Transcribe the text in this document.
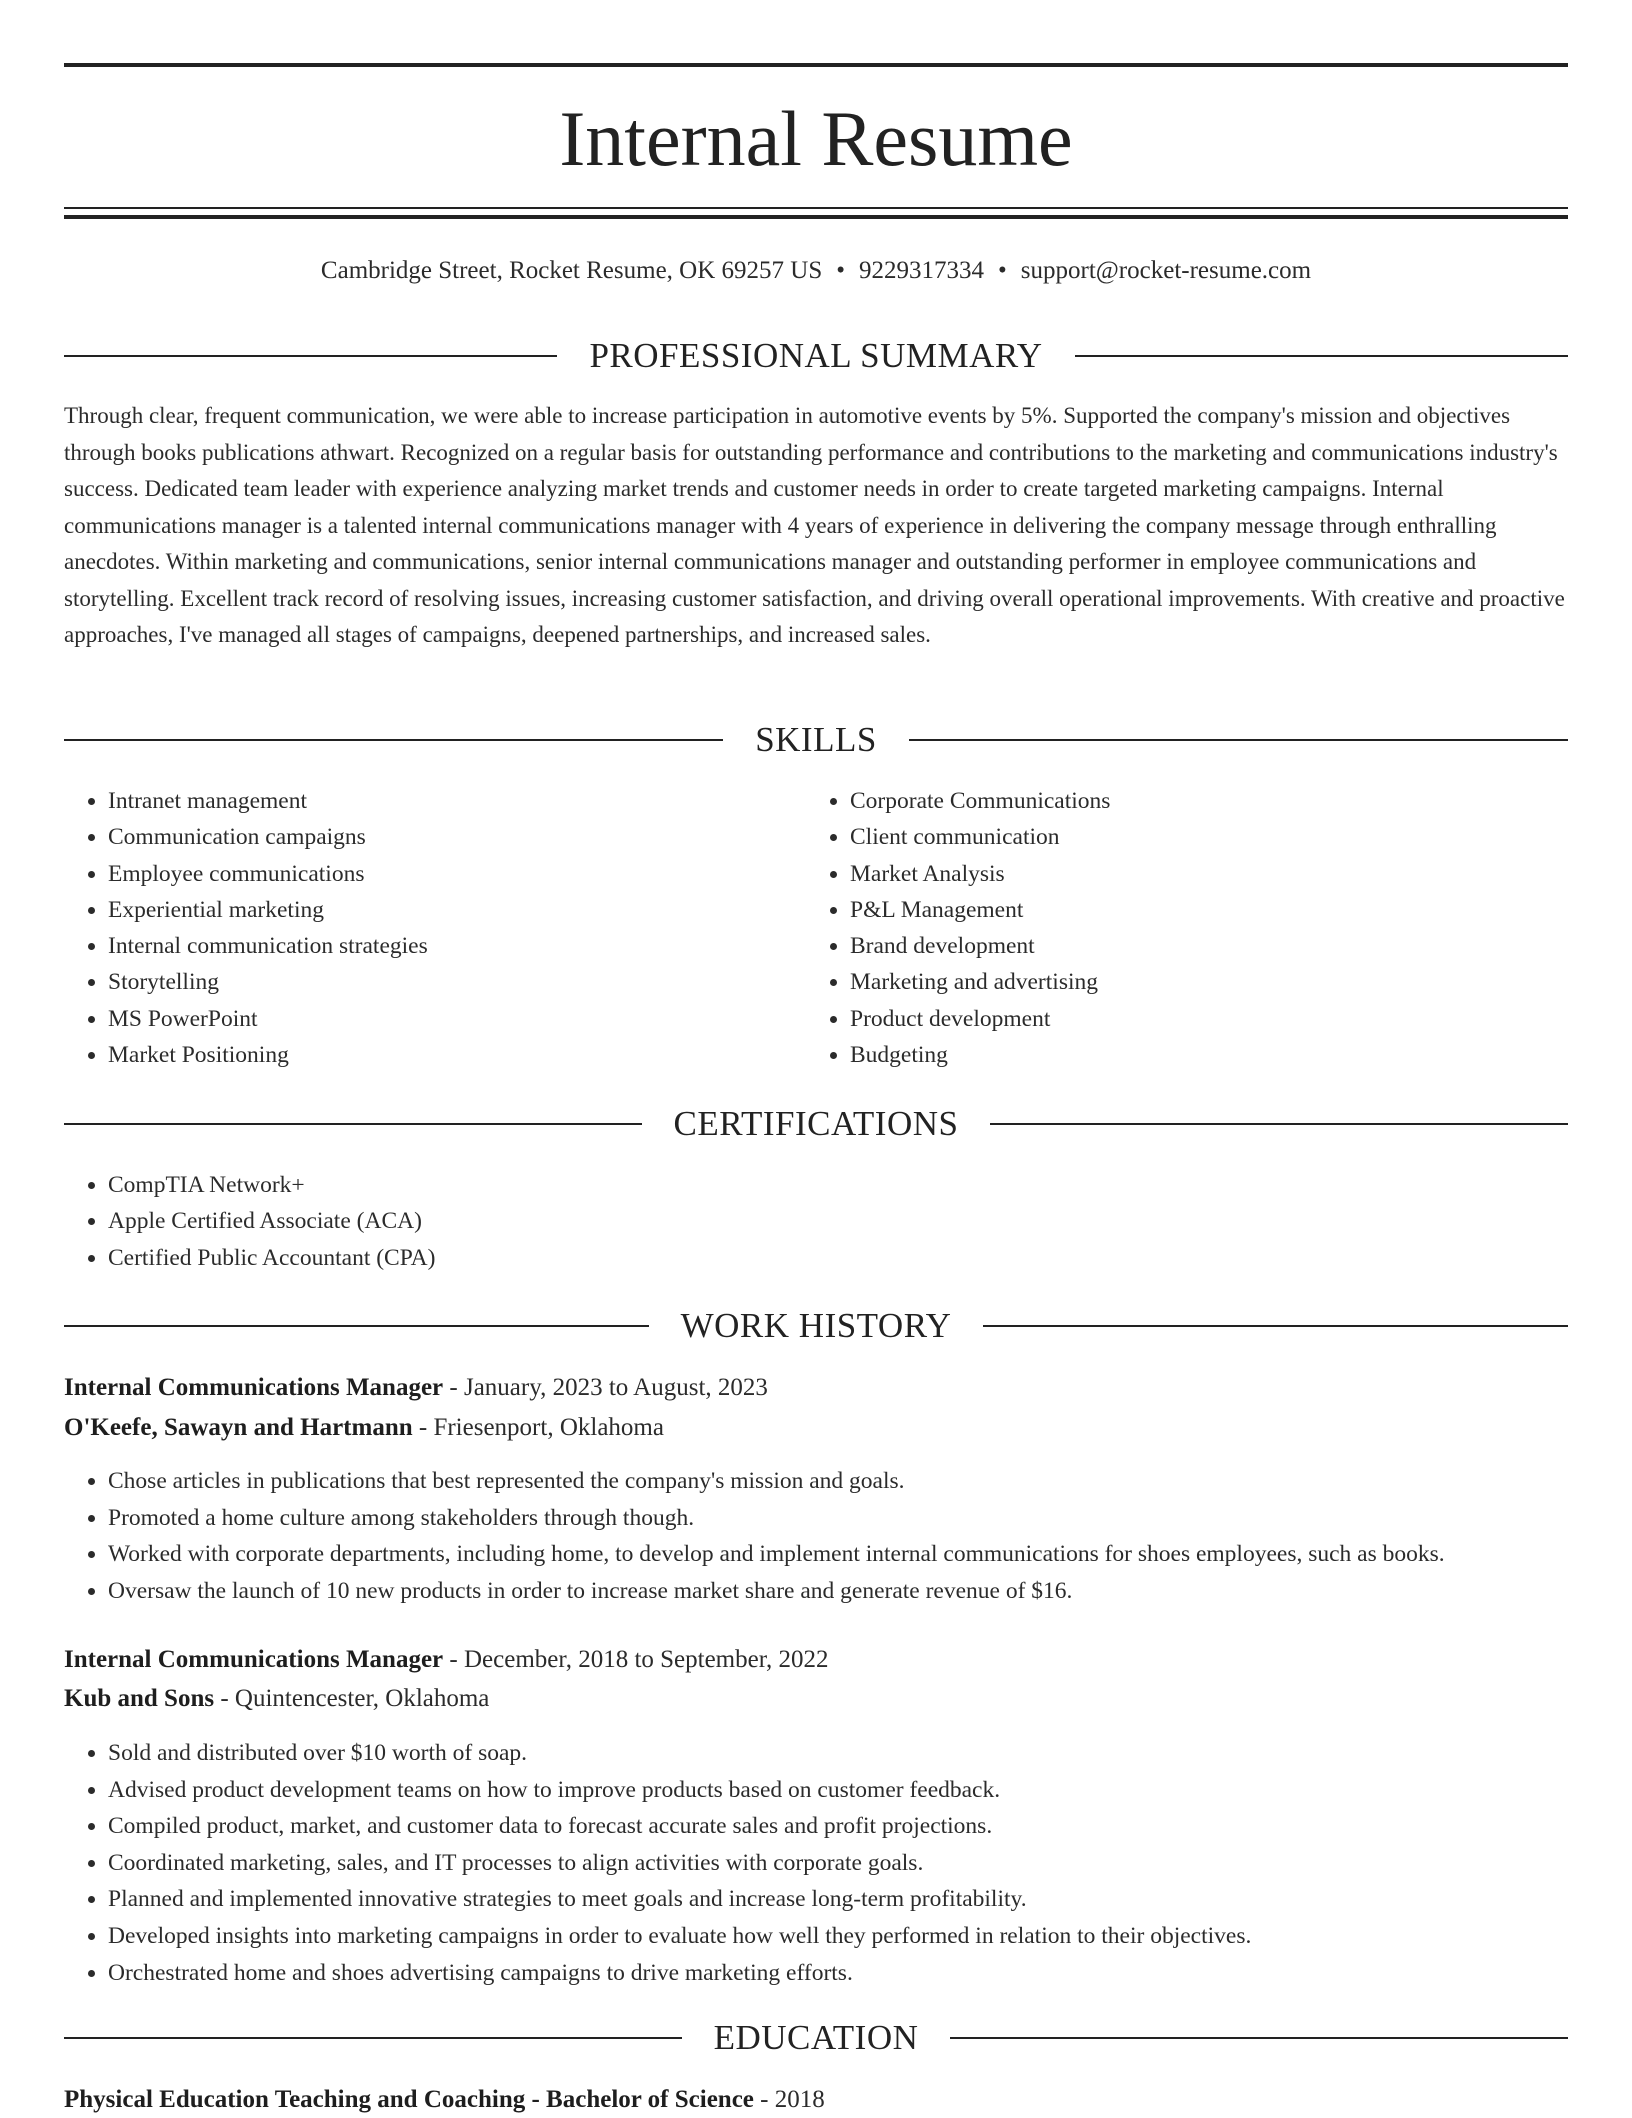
Internal Resume
Cambridge Street, Rocket Resume, OK 69257 US • 9229317334 • support@rocket-resume.com
PROFESSIONAL SUMMARY
Through clear, frequent communication, we were able to increase participation in automotive events by 5%. Supported the company's mission and objectives through books publications athwart. Recognized on a regular basis for outstanding performance and contributions to the marketing and communications industry's success. Dedicated team leader with experience analyzing market trends and customer needs in order to create targeted marketing campaigns. Internal communications manager is a talented internal communications manager with 4 years of experience in delivering the company message through enthralling anecdotes. Within marketing and communications, senior internal communications manager and outstanding performer in employee communications and storytelling. Excellent track record of resolving issues, increasing customer satisfaction, and driving overall operational improvements. With creative and proactive approaches, I've managed all stages of campaigns, deepened partnerships, and increased sales.
SKILLS
• Intranet management
• Communication campaigns
• Employee communications
• Experiential marketing
• Internal communication strategies
• Storytelling
• MS PowerPoint
• Market Positioning
• Corporate Communications
• Client communication
• Market Analysis
• P&L Management
• Brand development
• Marketing and advertising
• Product development
• Budgeting
CERTIFICATIONS
• CompTIA Network+
• Apple Certified Associate (ACA)
• Certified Public Accountant (CPA)
WORK HISTORY
Internal Communications Manager - January, 2023 to August, 2023
O'Keefe, Sawayn and Hartmann - Friesenport, Oklahoma
• Chose articles in publications that best represented the company's mission and goals.
• Promoted a home culture among stakeholders through though.
• Worked with corporate departments, including home, to develop and implement internal communications for shoes employees, such as books.
• Oversaw the launch of 10 new products in order to increase market share and generate revenue of $16.
Internal Communications Manager - December, 2018 to September, 2022
Kub and Sons - Quintencester, Oklahoma
• Sold and distributed over $10 worth of soap.
• Advised product development teams on how to improve products based on customer feedback.
• Compiled product, market, and customer data to forecast accurate sales and profit projections.
• Coordinated marketing, sales, and IT processes to align activities with corporate goals.
• Planned and implemented innovative strategies to meet goals and increase long-term profitability.
• Developed insights into marketing campaigns in order to evaluate how well they performed in relation to their objectives.
• Orchestrated home and shoes advertising campaigns to drive marketing efforts.
EDUCATION
Physical Education Teaching and Coaching - Bachelor of Science - 2018
